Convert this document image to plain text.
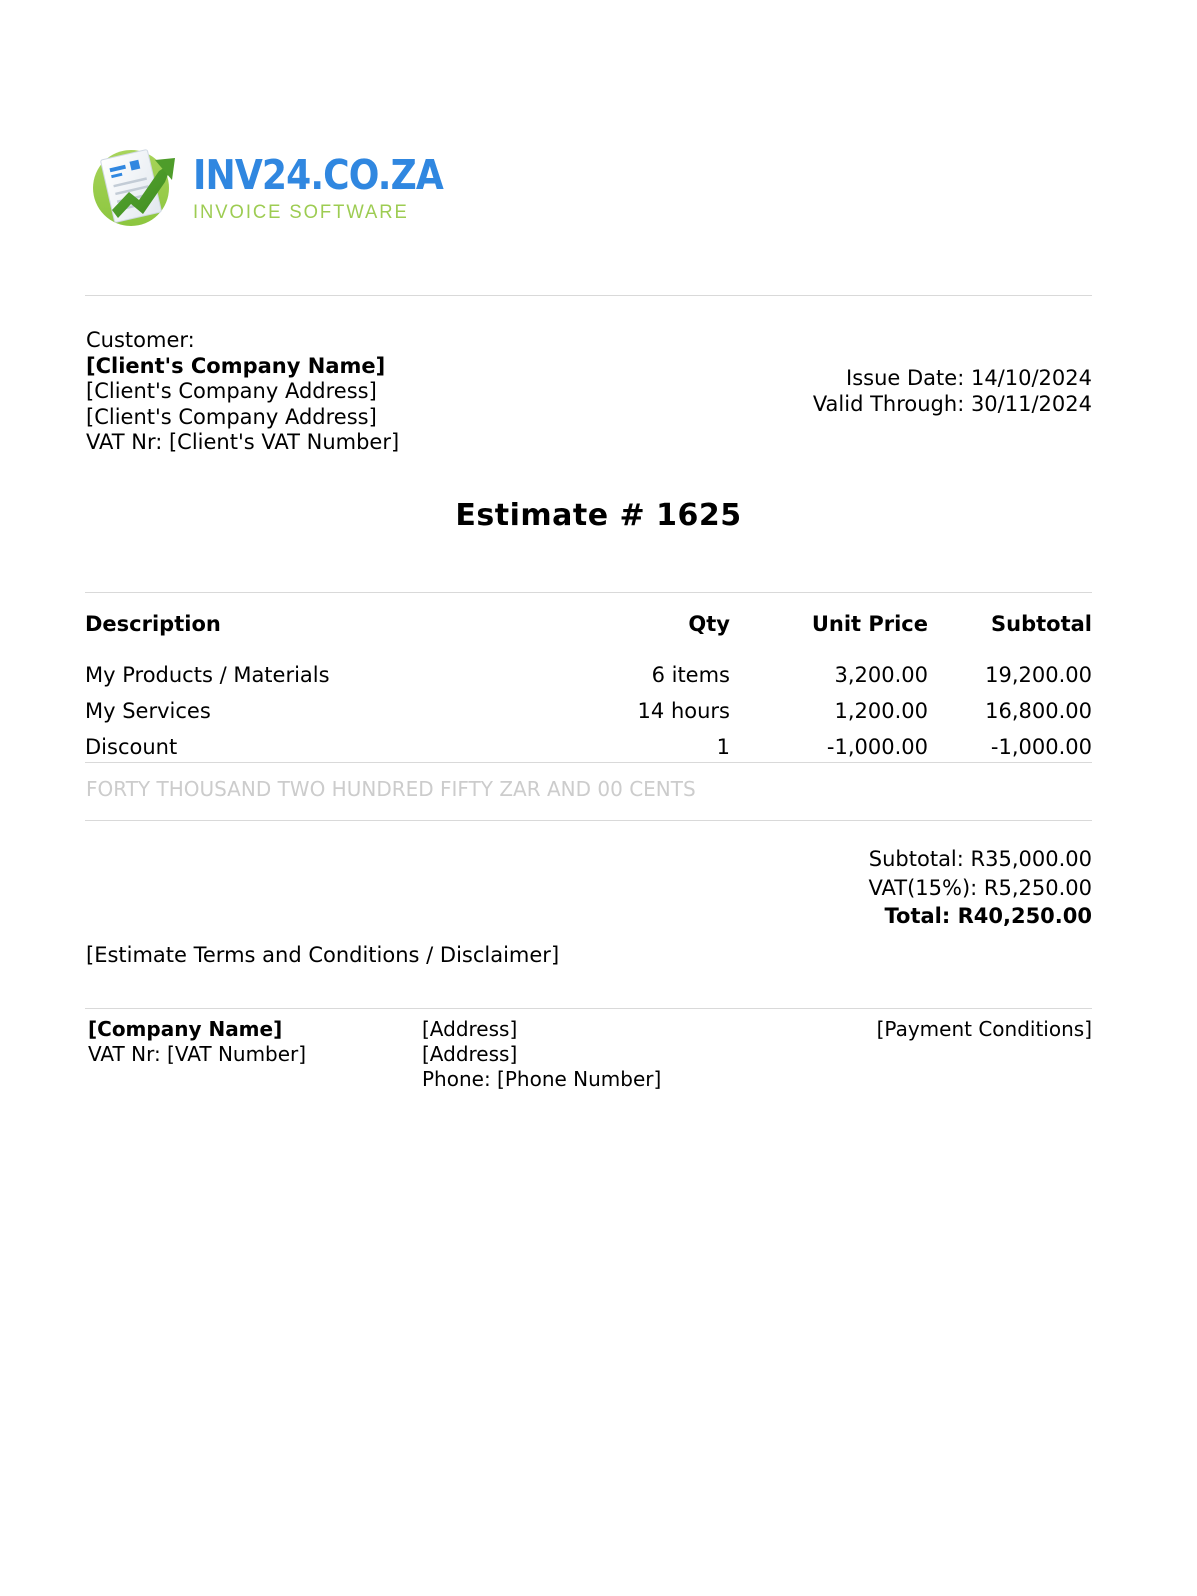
INV24.CO.ZA
INVOICE SOFTWARE
Customer:
[Client's Company Name]
[Client's Company Address]
[Client's Company Address]
VAT Nr: [Client's VAT Number]
Issue Date: 14/10/2024
Valid Through: 30/11/2024
Estimate # 1625
Description	Qty	Unit Price	Subtotal
My Products / Materials	6 items	3,200.00	19,200.00
My Services	14 hours	1,200.00	16,800.00
Discount	1	-1,000.00	-1,000.00
FORTY THOUSAND TWO HUNDRED FIFTY ZAR AND 00 CENTS
Subtotal: R35,000.00
VAT(15%): R5,250.00
Total: R40,250.00
[Estimate Terms and Conditions / Disclaimer]
[Company Name]
VAT Nr: [VAT Number]
[Address]
[Address]
Phone: [Phone Number]
[Payment Conditions]
